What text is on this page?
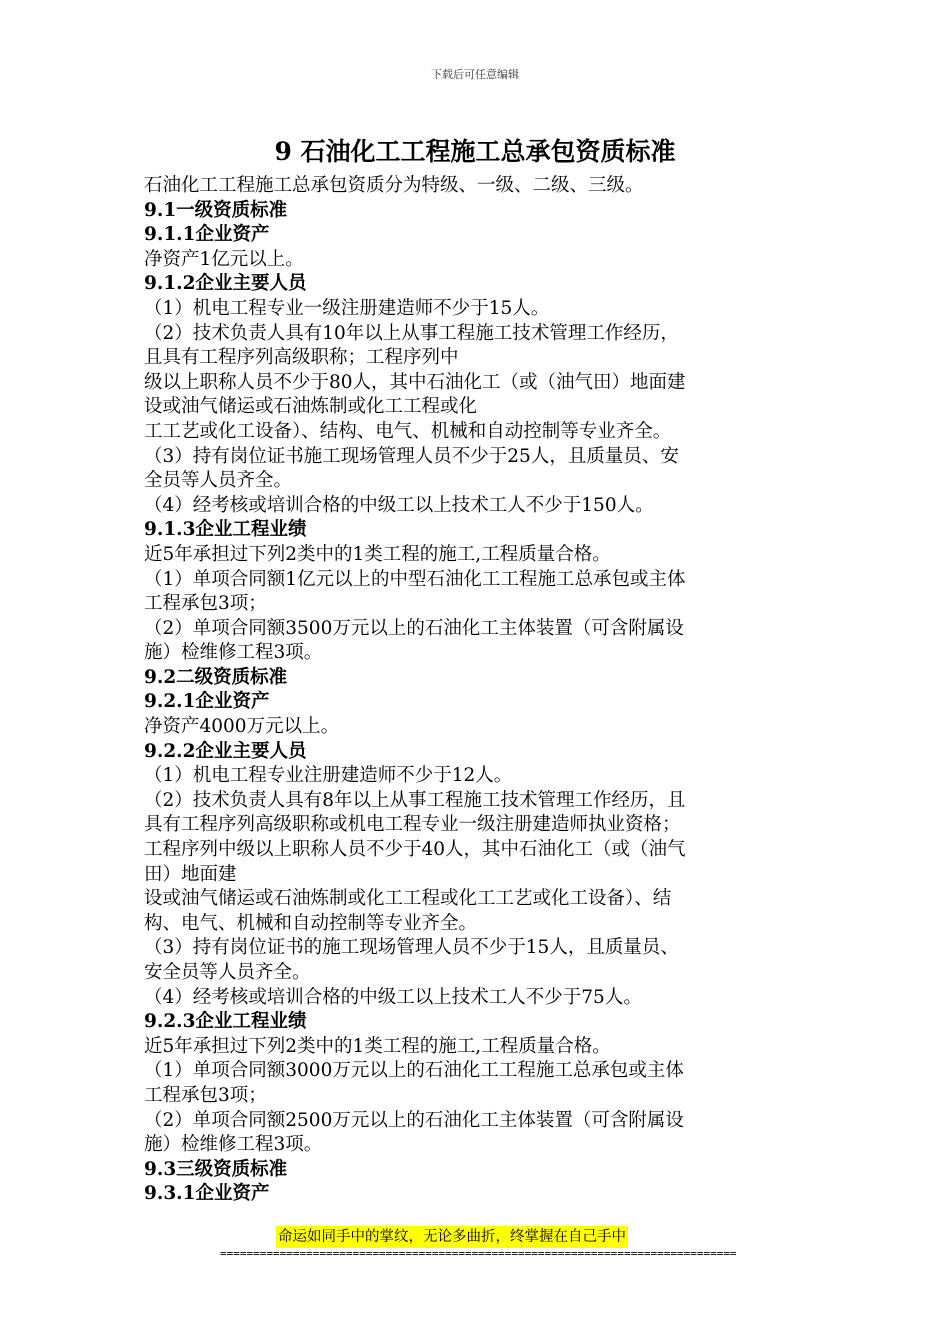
下载后可任意编辑
9 石油化工工程施工总承包资质标准
石油化工工程施工总承包资质分为特级、一级、二级、三级。
9.1一级资质标准
9.1.1企业资产
净资产1亿元以上。
9.1.2企业主要人员
（1）机电工程专业一级注册建造师不少于15人。
（2）技术负责人具有10年以上从事工程施工技术管理工作经历，
且具有工程序列高级职称；工程序列中
级以上职称人员不少于80人，其中石油化工（或（油气田）地面建
设或油气储运或石油炼制或化工工程或化
工工艺或化工设备）、结构、电气、机械和自动控制等专业齐全。
（3）持有岗位证书施工现场管理人员不少于25人，且质量员、安
全员等人员齐全。
（4）经考核或培训合格的中级工以上技术工人不少于150人。
9.1.3企业工程业绩
近5年承担过下列2类中的1类工程的施工,工程质量合格。
（1）单项合同额1亿元以上的中型石油化工工程施工总承包或主体
工程承包3项；
（2）单项合同额3500万元以上的石油化工主体装置（可含附属设
施）检维修工程3项。
9.2二级资质标准
9.2.1企业资产
净资产4000万元以上。
9.2.2企业主要人员
（1）机电工程专业注册建造师不少于12人。
（2）技术负责人具有8年以上从事工程施工技术管理工作经历，且
具有工程序列高级职称或机电工程专业一级注册建造师执业资格；
工程序列中级以上职称人员不少于40人，其中石油化工（或（油气
田）地面建
设或油气储运或石油炼制或化工工程或化工工艺或化工设备）、结
构、电气、机械和自动控制等专业齐全。
（3）持有岗位证书的施工现场管理人员不少于15人，且质量员、
安全员等人员齐全。
（4）经考核或培训合格的中级工以上技术工人不少于75人。
9.2.3企业工程业绩
近5年承担过下列2类中的1类工程的施工,工程质量合格。
（1）单项合同额3000万元以上的石油化工工程施工总承包或主体
工程承包3项；
（2）单项合同额2500万元以上的石油化工主体装置（可含附属设
施）检维修工程3项。
9.3三级资质标准
9.3.1企业资产
命运如同手中的掌纹，无论多曲折，终掌握在自己手中
==============================================================================
